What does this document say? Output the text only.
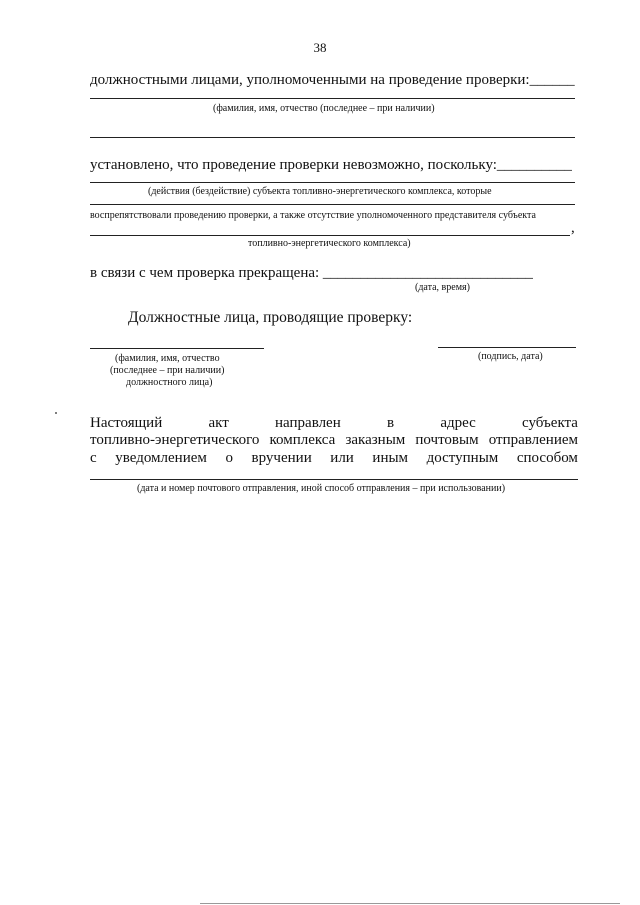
38
должностными лицами, уполномоченными на проведение проверки:______
(фамилия, имя, отчество (последнее – при наличии)
установлено, что проведение проверки невозможно, поскольку:__________
(действия (бездействие) субъекта топливно-энергетического комплекса, которые
воспрепятствовали проведению проверки, а также отсутствие уполномоченного представителя субъекта
,
топливно-энергетического комплекса)
в связи с чем проверка прекращена: ____________________________
(дата, время)
Должностные лица, проводящие проверку:
(фамилия, имя, отчество
(последнее – при наличии)
должностного лица)
(подпись, дата)
Настоящий	акт	направлен	в	адрес	субъекта
топливно-энергетического комплекса заказным почтовым отправлением
с уведомлением о вручении или иным доступным способом
(дата и номер почтового отправления, иной способ отправления – при использовании)
